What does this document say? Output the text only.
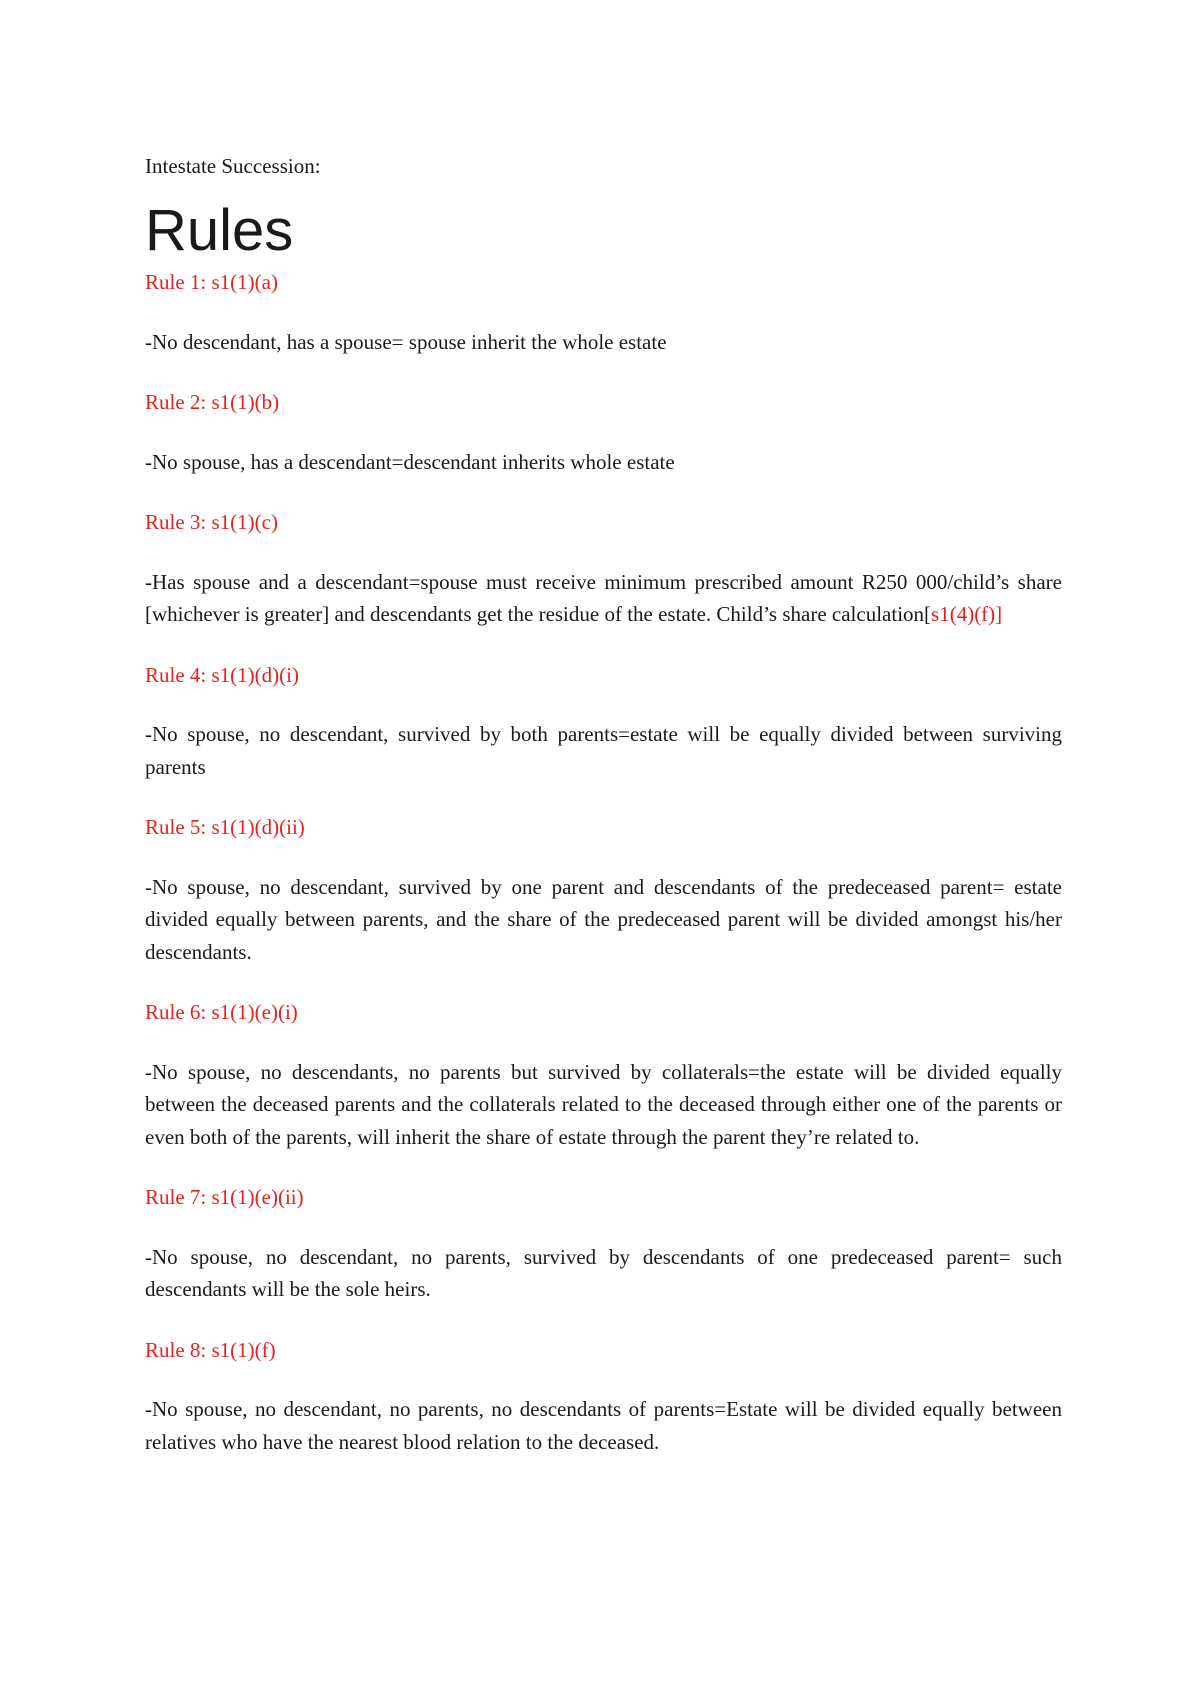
Intestate Succession:

Rules

Rule 1: s1(1)(a)

-No descendant, has a spouse= spouse inherit the whole estate

Rule 2: s1(1)(b)

-No spouse, has a descendant=descendant inherits whole estate

Rule 3: s1(1)(c)

-Has spouse and a descendant=spouse must receive minimum prescribed amount R250 000/child’s share [whichever is greater] and descendants get the residue of the estate. Child’s share calculation[s1(4)(f)]

Rule 4: s1(1)(d)(i)

-No spouse, no descendant, survived by both parents=estate will be equally divided between surviving parents

Rule 5: s1(1)(d)(ii)

-No spouse, no descendant, survived by one parent and descendants of the predeceased parent= estate divided equally between parents, and the share of the predeceased parent will be divided amongst his/her descendants.

Rule 6: s1(1)(e)(i)

-No spouse, no descendants, no parents but survived by collaterals=the estate will be divided equally between the deceased parents and the collaterals related to the deceased through either one of the parents or even both of the parents, will inherit the share of estate through the parent they’re related to.

Rule 7: s1(1)(e)(ii)

-No spouse, no descendant, no parents, survived by descendants of one predeceased parent= such descendants will be the sole heirs.

Rule 8: s1(1)(f)

-No spouse, no descendant, no parents, no descendants of parents=Estate will be divided equally between relatives who have the nearest blood relation to the deceased.
